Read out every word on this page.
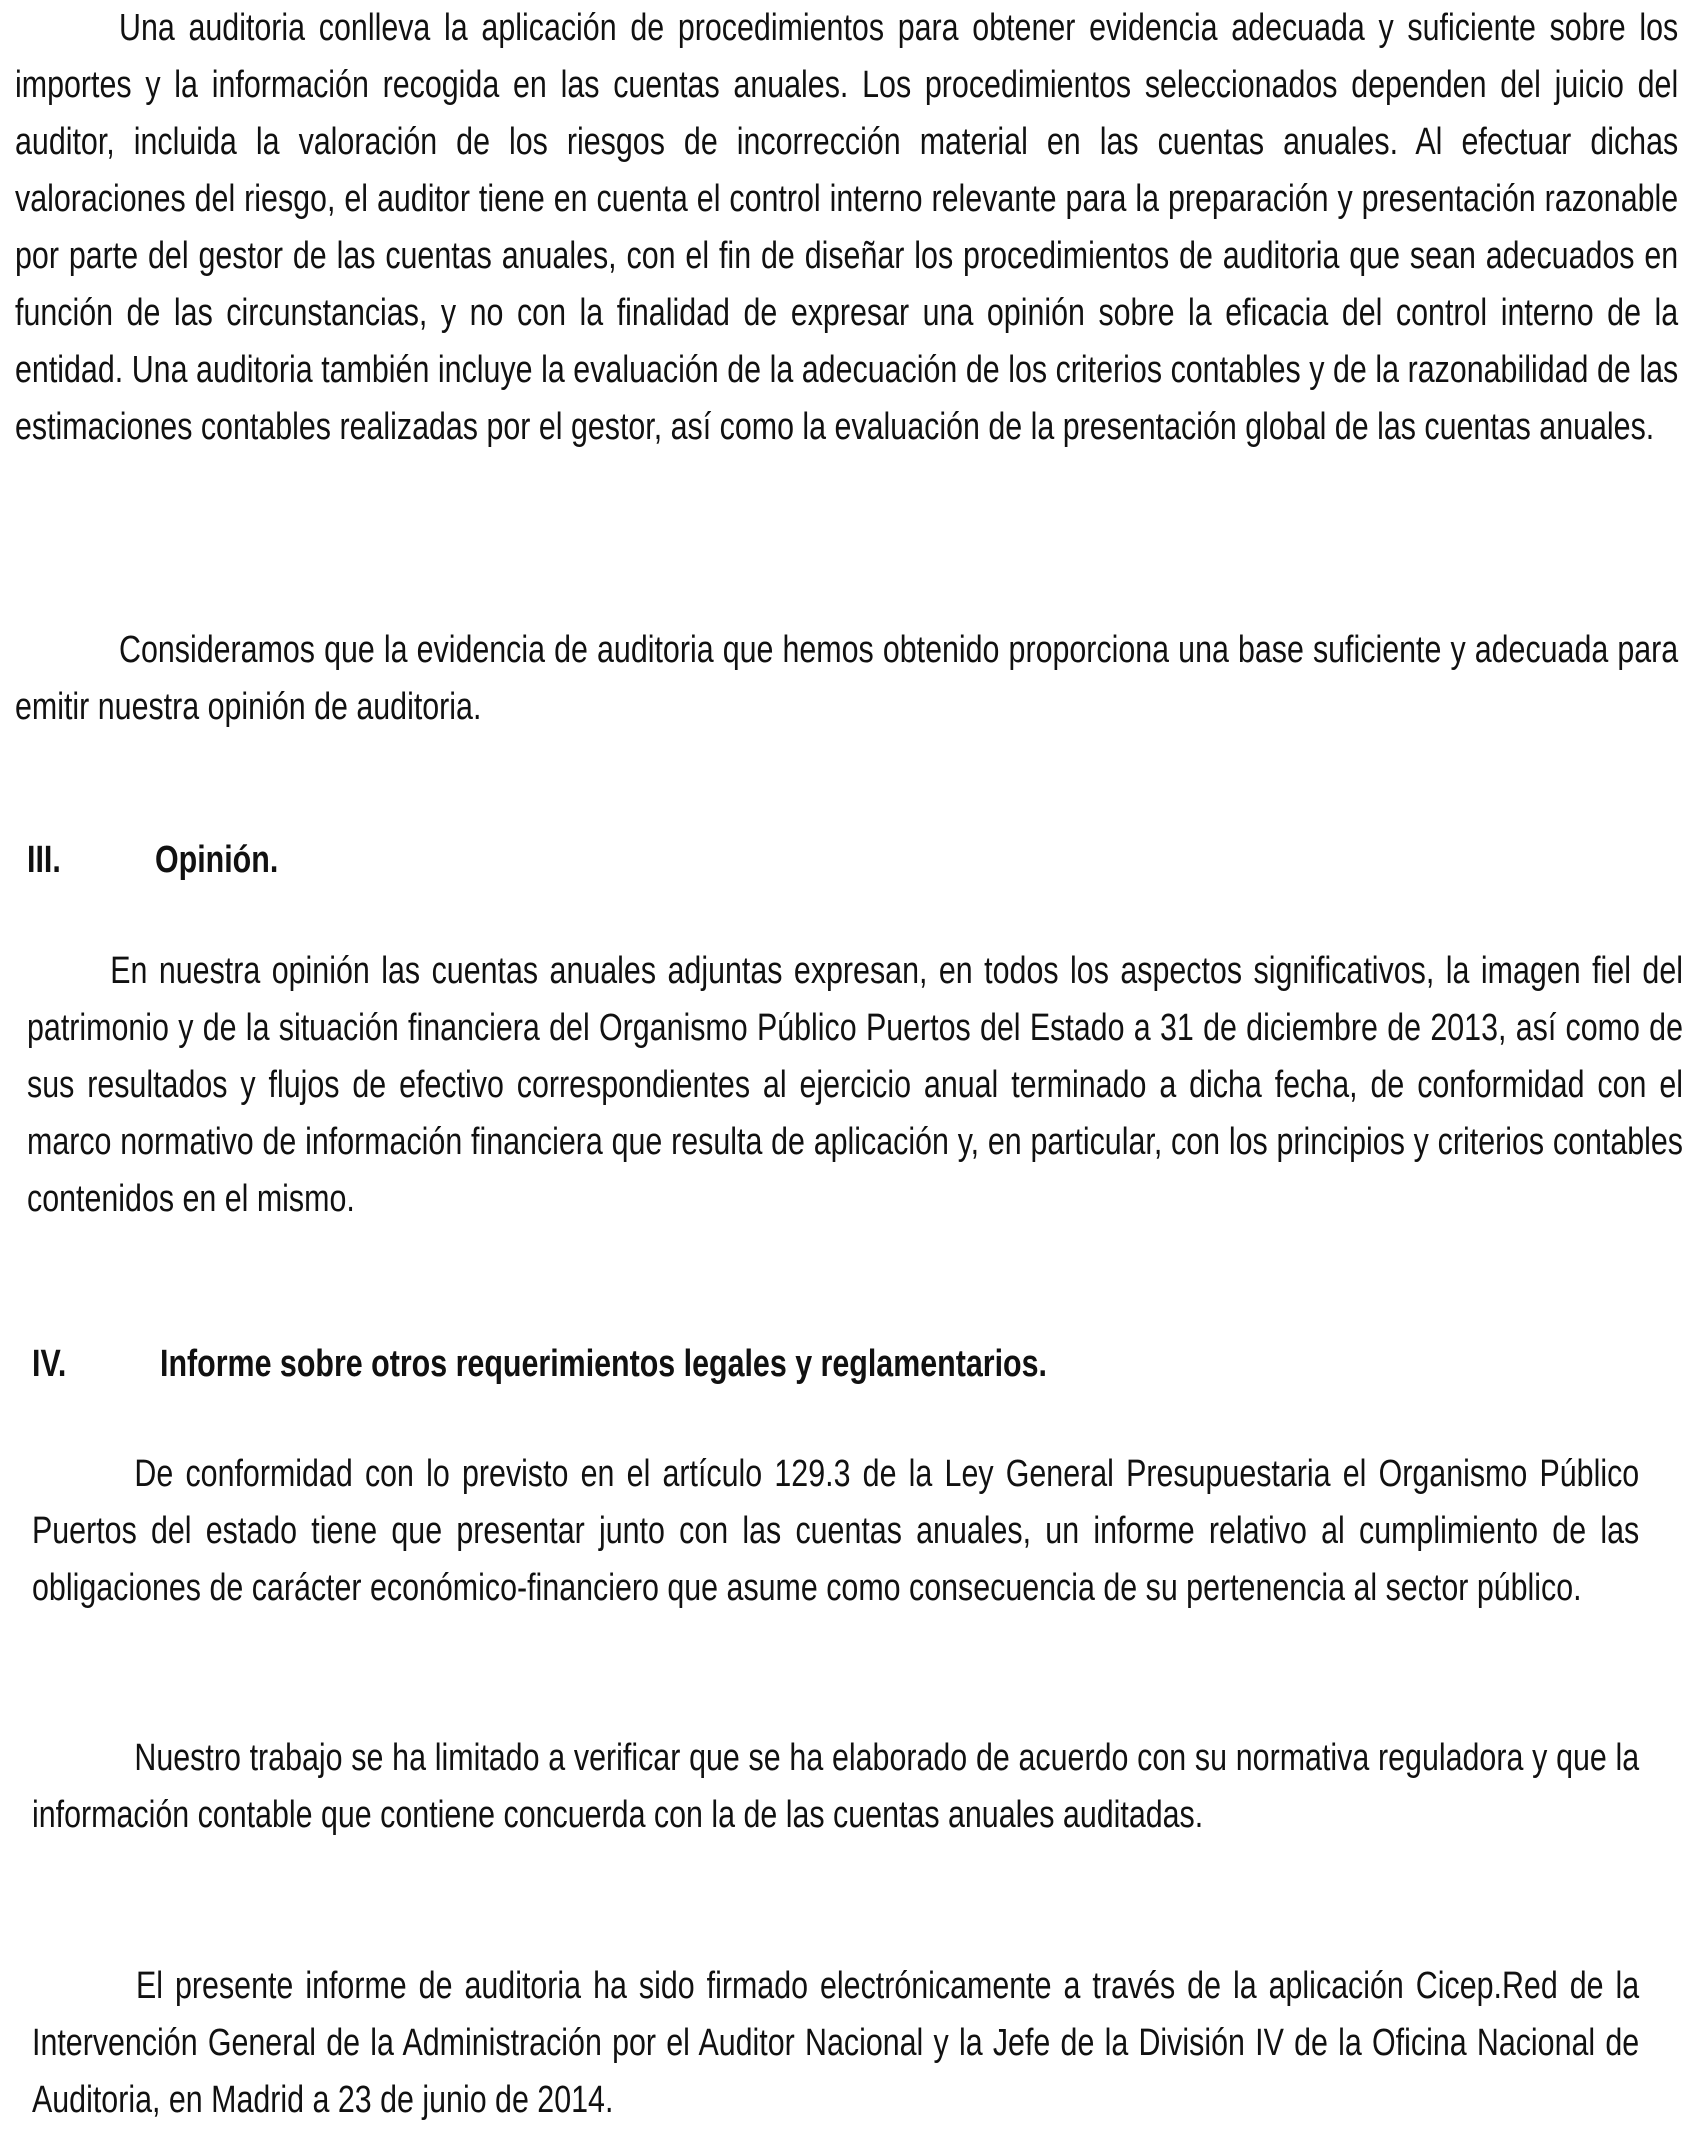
Una auditoria conlleva la aplicación de procedimientos para obtener evidencia adecuada y suficiente sobre los importes y la información recogida en las cuentas anuales. Los procedimientos seleccionados dependen del juicio del auditor, incluida la valoración de los riesgos de incorrección material en las cuentas anuales. Al efectuar dichas valoraciones del riesgo, el auditor tiene en cuenta el control interno relevante para la preparación y presentación razonable por parte del gestor de las cuentas anuales, con el fin de diseñar los procedimientos de auditoria que sean adecuados en función de las circunstancias, y no con la finalidad de expresar una opinión sobre la eficacia del control interno de la entidad. Una auditoria también incluye la evaluación de la adecuación de los criterios contables y de la razonabilidad de las estimaciones contables realizadas por el gestor, así como la evaluación de la presentación global de las cuentas anuales.

Consideramos que la evidencia de auditoria que hemos obtenido proporciona una base suficiente y adecuada para emitir nuestra opinión de auditoria.

III. Opinión.

En nuestra opinión las cuentas anuales adjuntas expresan, en todos los aspectos significativos, la imagen fiel del patrimonio y de la situación financiera del Organismo Público Puertos del Estado a 31 de diciembre de 2013, así como de sus resultados y flujos de efectivo correspondientes al ejercicio anual terminado a dicha fecha, de conformidad con el marco normativo de información financiera que resulta de aplicación y, en particular, con los principios y criterios contables contenidos en el mismo.

IV. Informe sobre otros requerimientos legales y reglamentarios.

De conformidad con lo previsto en el artículo 129.3 de la Ley General Presupuestaria el Organismo Público Puertos del estado tiene que presentar junto con las cuentas anuales, un informe relativo al cumplimiento de las obligaciones de carácter económico-financiero que asume como consecuencia de su pertenencia al sector público.

Nuestro trabajo se ha limitado a verificar que se ha elaborado de acuerdo con su normativa reguladora y que la información contable que contiene concuerda con la de las cuentas anuales auditadas.

El presente informe de auditoria ha sido firmado electrónicamente a través de la aplicación Cicep.Red de la Intervención General de la Administración por el Auditor Nacional y la Jefe de la División IV de la Oficina Nacional de Auditoria, en Madrid a 23 de junio de 2014.
